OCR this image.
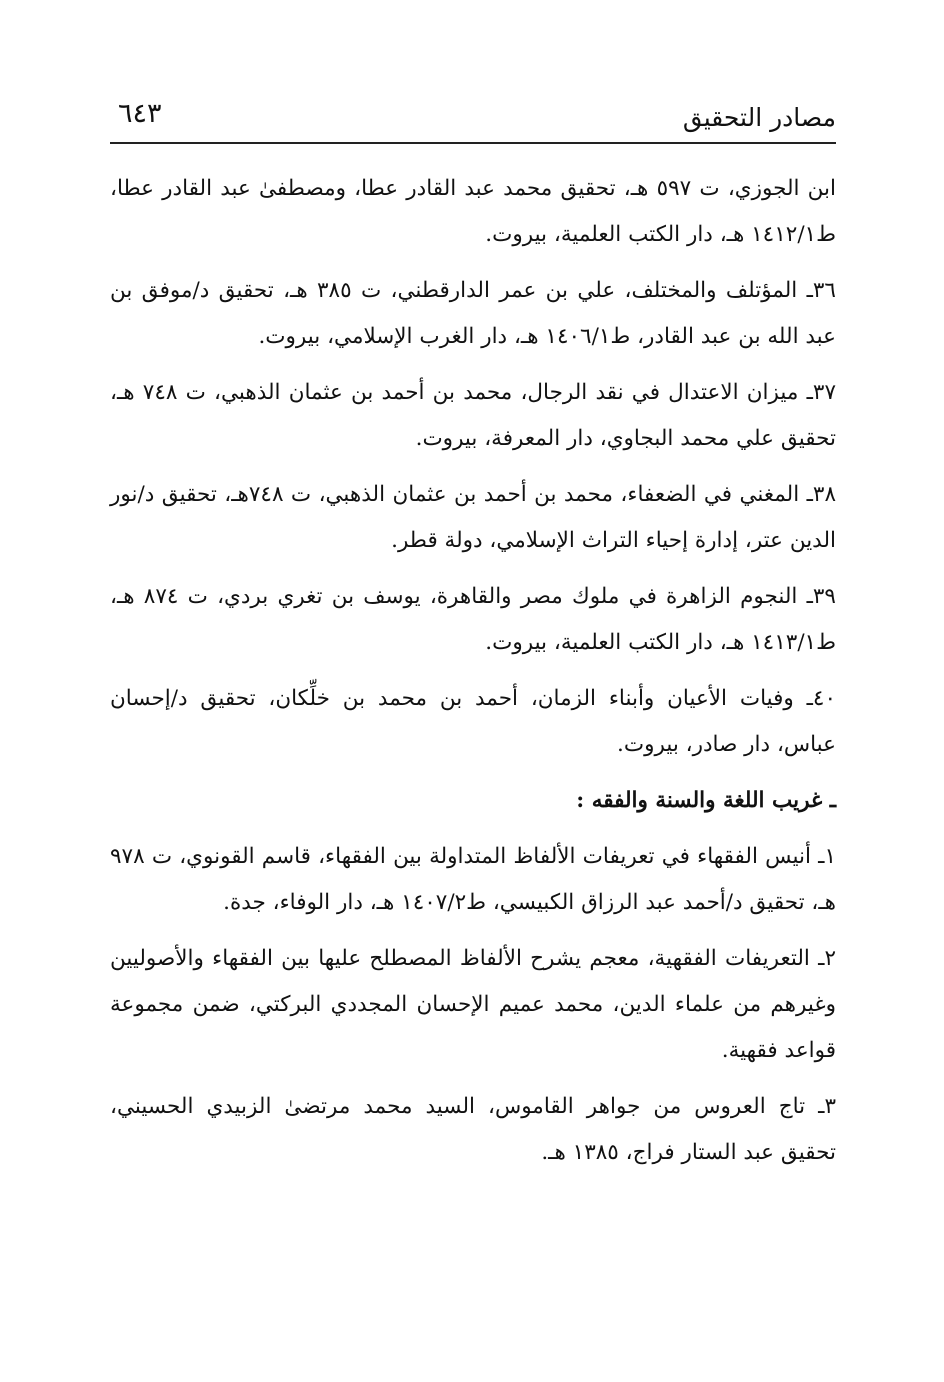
مصادر التحقيق
٦٤٣

ابن الجوزي، ت ٥٩٧ هـ، تحقيق محمد عبد القادر عطا، ومصطفىٰ عبد القادر عطا، ط١٤١٢/١ هـ، دار الكتب العلمية، بيروت.

٣٦ـ المؤتلف والمختلف، علي بن عمر الدارقطني، ت ٣٨٥ هـ، تحقيق د/موفق بن عبد الله بن عبد القادر، ط١٤٠٦/١ هـ، دار الغرب الإسلامي، بيروت.

٣٧ـ ميزان الاعتدال في نقد الرجال، محمد بن أحمد بن عثمان الذهبي، ت ٧٤٨ هـ، تحقيق علي محمد البجاوي، دار المعرفة، بيروت.

٣٨ـ المغني في الضعفاء، محمد بن أحمد بن عثمان الذهبي، ت ٧٤٨هـ، تحقيق د/نور الدين عتر، إدارة إحياء التراث الإسلامي، دولة قطر.

٣٩ـ النجوم الزاهرة في ملوك مصر والقاهرة، يوسف بن تغري بردي، ت ٨٧٤ هـ، ط١٤١٣/١ هـ، دار الكتب العلمية، بيروت.

٤٠ـ وفيات الأعيان وأبناء الزمان، أحمد بن محمد بن خلِّكان، تحقيق د/إحسان عباس، دار صادر، بيروت.

ـ غريب اللغة والسنة والفقه :

١ـ أنيس الفقهاء في تعريفات الألفاظ المتداولة بين الفقهاء، قاسم القونوي، ت ٩٧٨ هـ، تحقيق د/أحمد عبد الرزاق الكبيسي، ط١٤٠٧/٢ هـ، دار الوفاء، جدة.

٢ـ التعريفات الفقهية، معجم يشرح الألفاظ المصطلح عليها بين الفقهاء والأصوليين وغيرهم من علماء الدين، محمد عميم الإحسان المجددي البركتي، ضمن مجموعة قواعد فقهية.

٣ـ تاج العروس من جواهر القاموس، السيد محمد مرتضىٰ الزبيدي الحسيني، تحقيق عبد الستار فراج، ١٣٨٥ هـ.
